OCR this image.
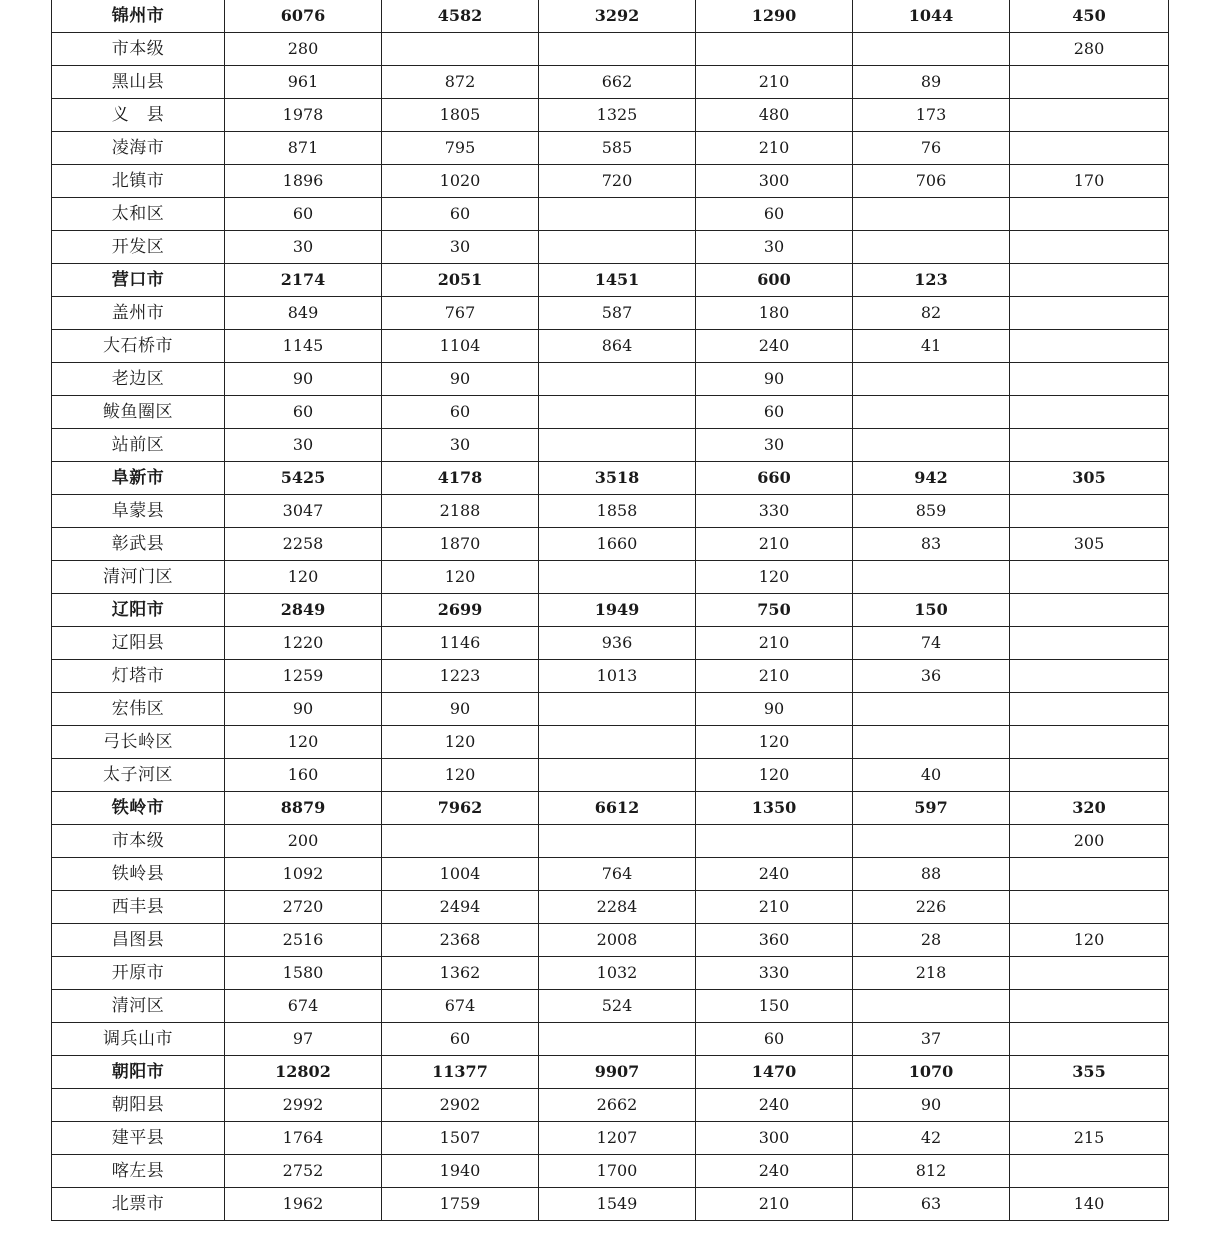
锦州市	6076	4582	3292	1290	1044	450
市本级	280					280
黑山县	961	872	662	210	89	
义　县	1978	1805	1325	480	173	
凌海市	871	795	585	210	76	
北镇市	1896	1020	720	300	706	170
太和区	60	60		60		
开发区	30	30		30		
营口市	2174	2051	1451	600	123	
盖州市	849	767	587	180	82	
大石桥市	1145	1104	864	240	41	
老边区	90	90		90		
鲅鱼圈区	60	60		60		
站前区	30	30		30		
阜新市	5425	4178	3518	660	942	305
阜蒙县	3047	2188	1858	330	859	
彰武县	2258	1870	1660	210	83	305
清河门区	120	120		120		
辽阳市	2849	2699	1949	750	150	
辽阳县	1220	1146	936	210	74	
灯塔市	1259	1223	1013	210	36	
宏伟区	90	90		90		
弓长岭区	120	120		120		
太子河区	160	120		120	40	
铁岭市	8879	7962	6612	1350	597	320
市本级	200					200
铁岭县	1092	1004	764	240	88	
西丰县	2720	2494	2284	210	226	
昌图县	2516	2368	2008	360	28	120
开原市	1580	1362	1032	330	218	
清河区	674	674	524	150		
调兵山市	97	60		60	37	
朝阳市	12802	11377	9907	1470	1070	355
朝阳县	2992	2902	2662	240	90	
建平县	1764	1507	1207	300	42	215
喀左县	2752	1940	1700	240	812	
北票市	1962	1759	1549	210	63	140
